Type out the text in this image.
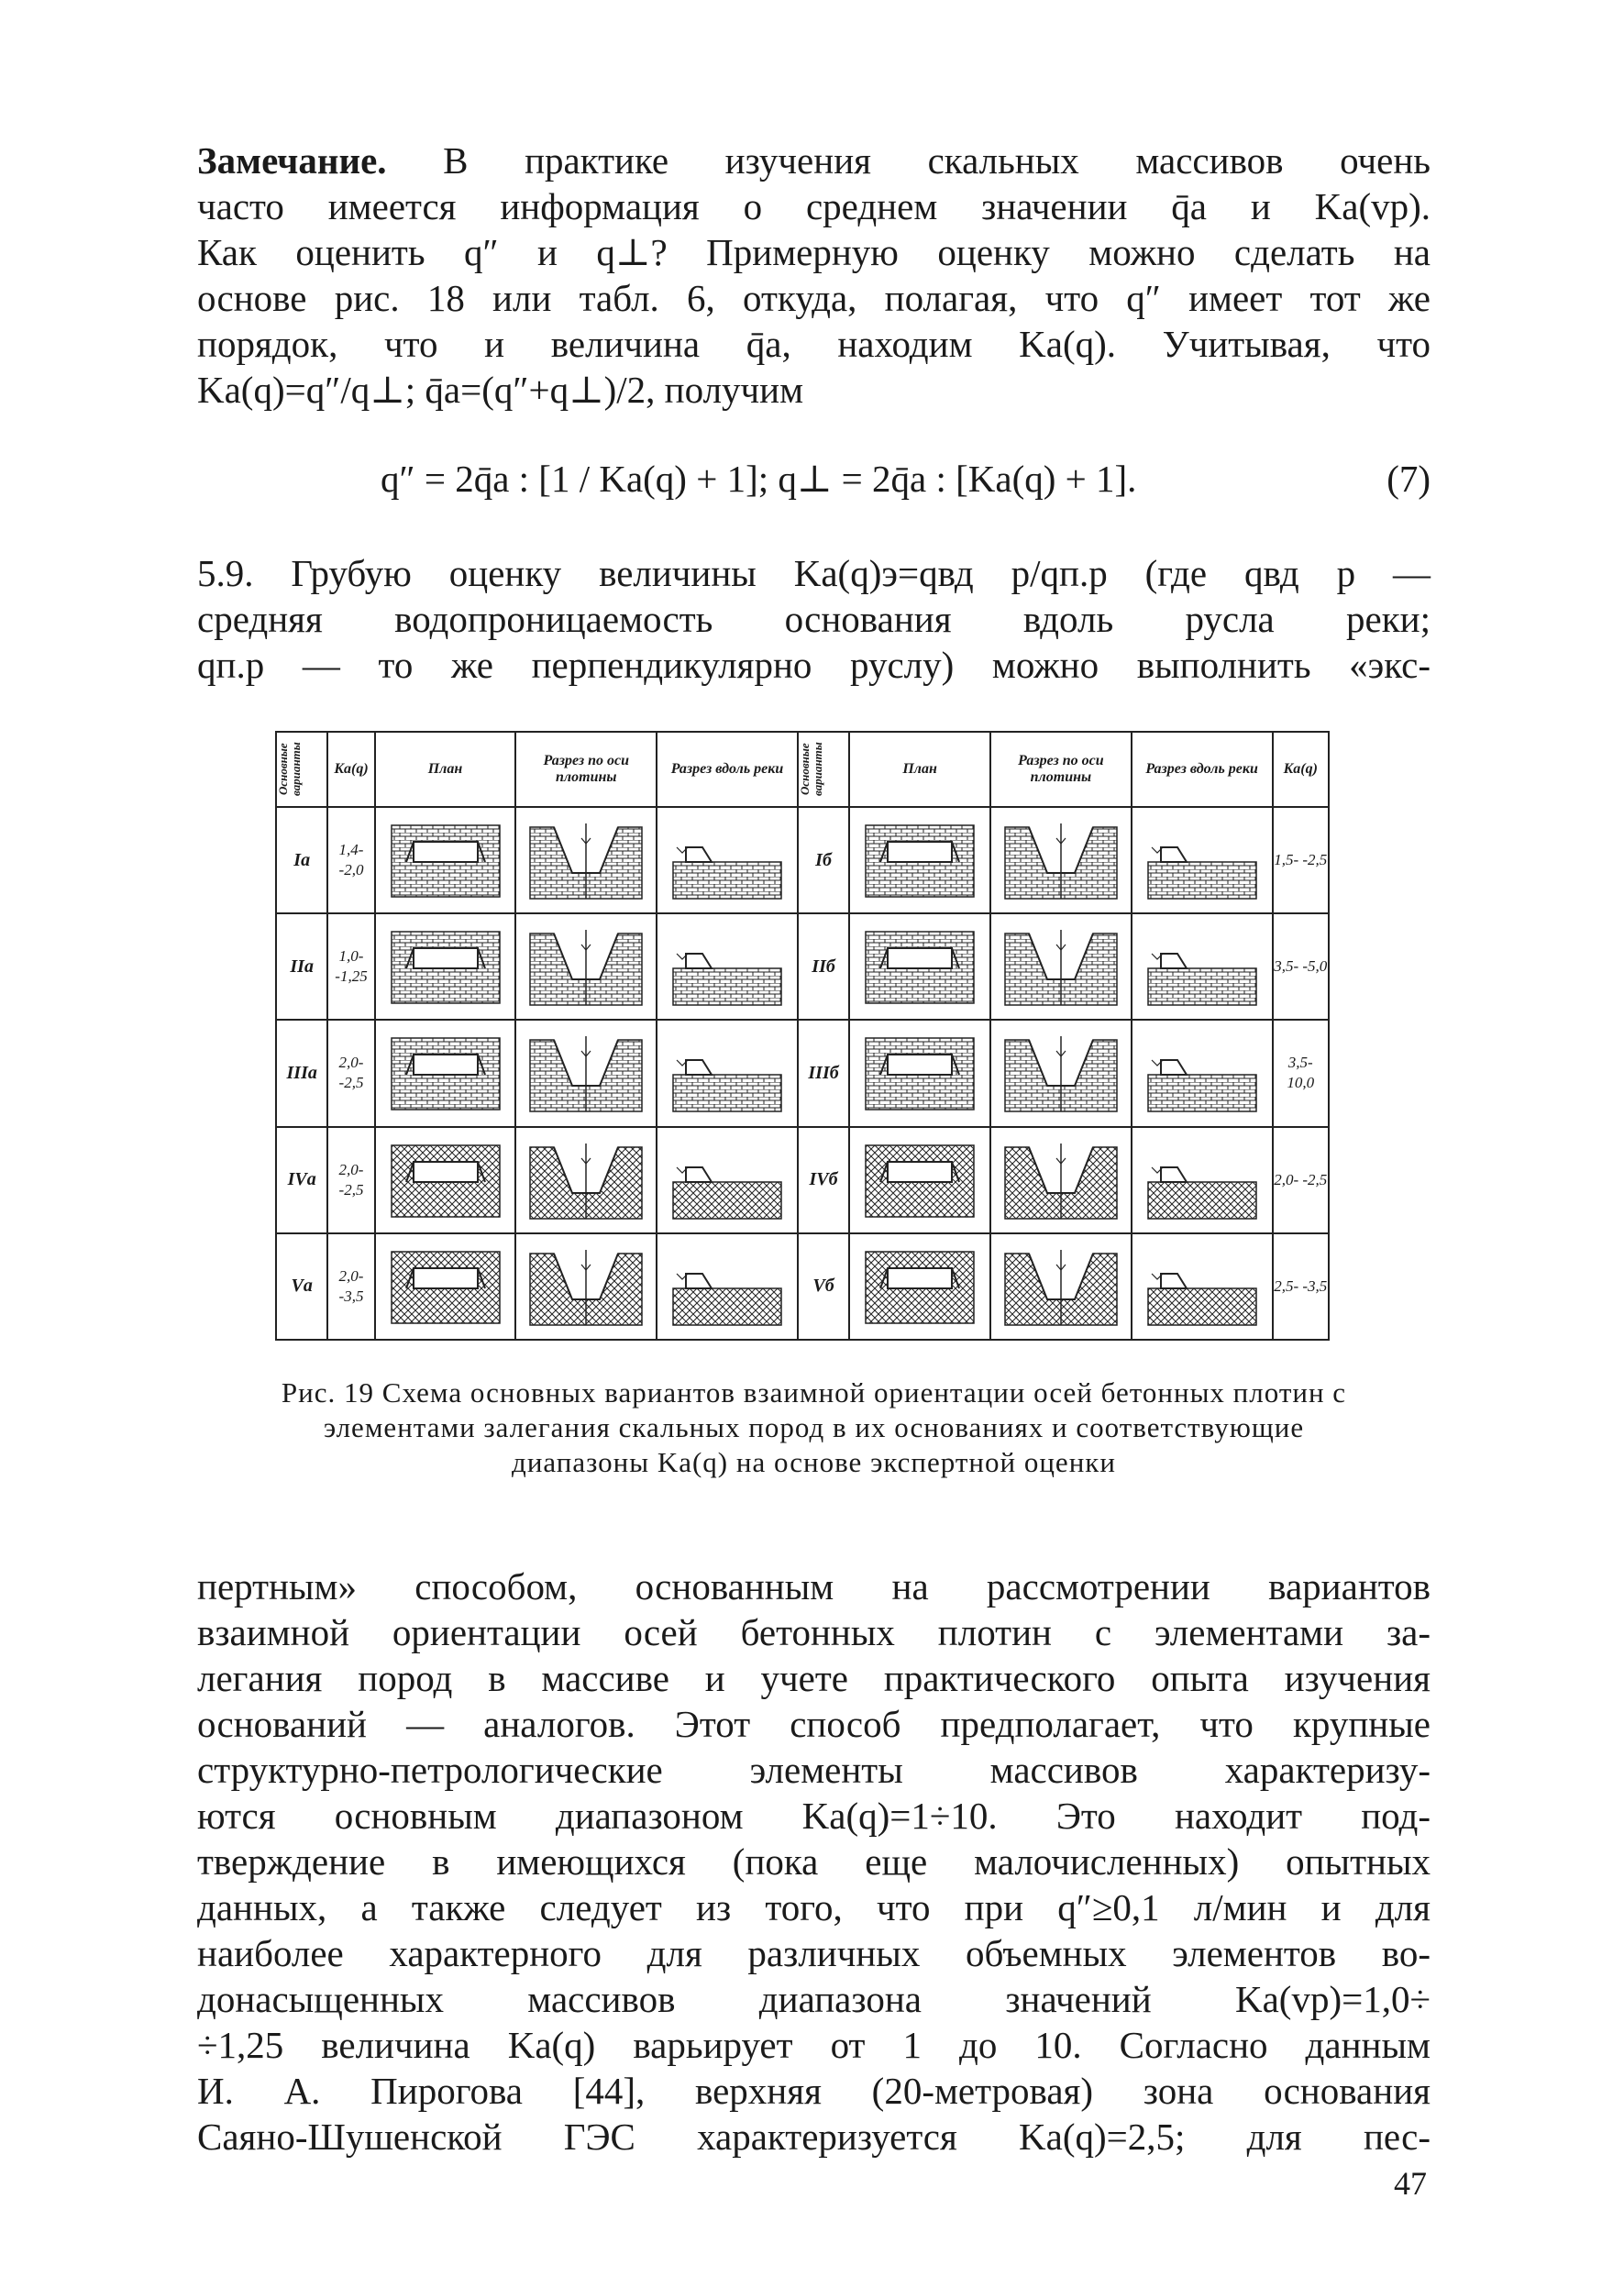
Замечание. В практике изучения скальных массивов очень
часто имеется информация о среднем значении q̄а и Kа(vр).
Как оценить q″ и q⊥? Примерную оценку можно сделать на
основе рис. 18 или табл. 6, откуда, полагая, что q″ имеет тот же
порядок, что и величина q̄а, находим Kа(q). Учитывая, что
Kа(q)=q″/q⊥; q̄а=(q″+q⊥)/2, получим
q″ = 2q̄а : [1 / Kа(q) + 1]; q⊥ = 2q̄а : [Kа(q) + 1].	(7)
5.9. Грубую оценку величины Kа(q)э=qвд р/qп.р (где qвд р —
средняя водопроницаемость основания вдоль русла реки;
qп.р — то же перпендикулярно руслу) можно выполнить «экс-
Основные варианты	Kа(q)	План	Разрез по оси плотины	Разрез вдоль реки	Основные варианты	План	Разрез по оси плотины	Разрез вдоль реки	Kа(q)
Iа	1,4- -2,0				Iб				1,5- -2,5
IIа	1,0- -1,25				IIб				3,5- -5,0
IIIа	2,0- -2,5				IIIб				3,5- 10,0
IVа	2,0- -2,5				IVб				2,0- -2,5
Vа	2,0- -3,5				Vб				2,5- -3,5

Рис. 19 Схема основных вариантов взаимной ориентации осей бетонных плотин с элементами залегания скальных пород в их основаниях и соответствующие диапазоны Kа(q) на основе экспертной оценки

пертным» способом, основанным на рассмотрении вариантов
взаимной ориентации осей бетонных плотин с элементами за-
легания пород в массиве и учете практического опыта изучения
оснований — аналогов. Этот способ предполагает, что крупные
структурно-петрологические элементы массивов характеризу-
ются основным диапазоном Kа(q)=1÷10. Это находит под-
тверждение в имеющихся (пока еще малочисленных) опытных
данных, а также следует из того, что при q″≥0,1 л/мин и для
наиболее характерного для различных объемных элементов во-
донасыщенных массивов диапазона значений Kа(vр)=1,0÷
÷1,25 величина Kа(q) варьирует от 1 до 10. Согласно данным
И. А. Пирогова [44], верхняя (20-метровая) зона основания
Саяно-Шушенской ГЭС характеризуется Kа(q)=2,5; для пес-
47
